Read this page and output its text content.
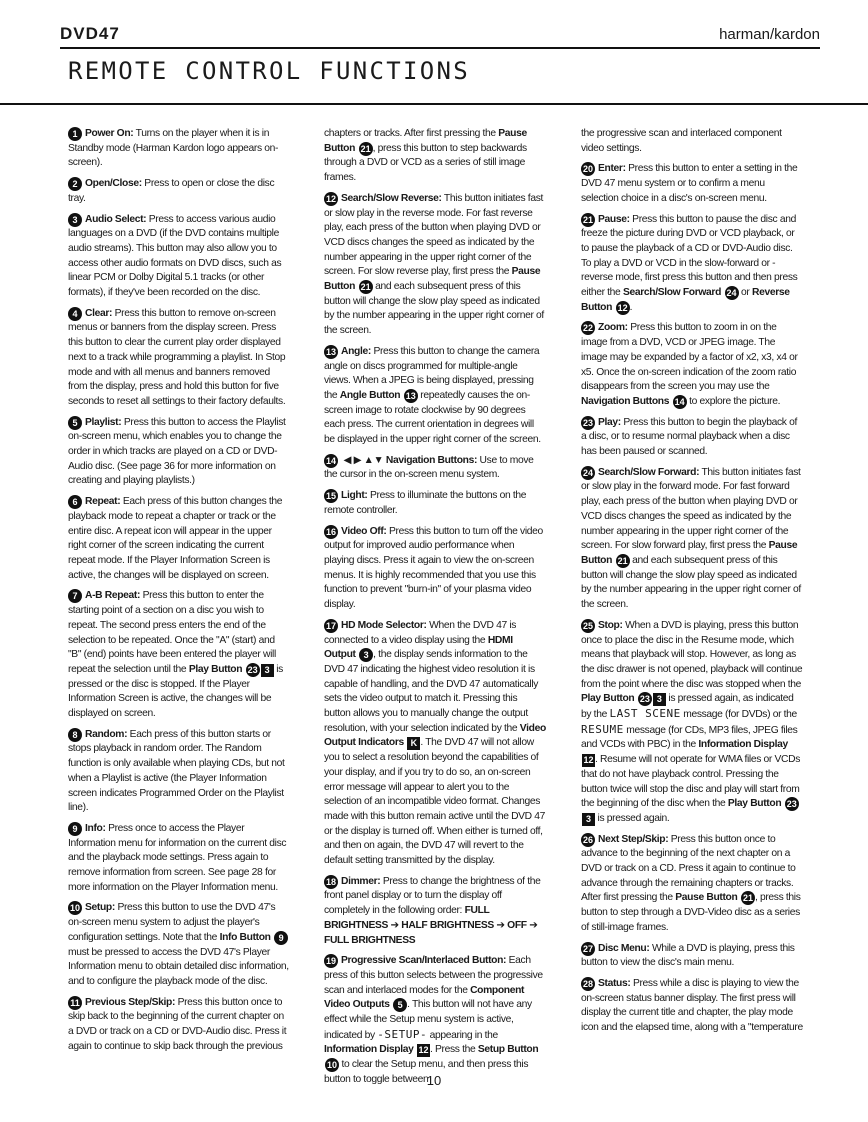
DVD47	harman/kardon
REMOTE CONTROL FUNCTIONS

1 Power On: Turns on the player when it is in Standby mode (Harman Kardon logo appears on-screen).

2 Open/Close: Press to open or close the disc tray.

3 Audio Select: Press to access various audio languages on a DVD (if the DVD contains multiple audio streams). This button may also allow you to access other audio formats on DVD discs, such as linear PCM or Dolby Digital 5.1 tracks (or other formats), if they've been recorded on the disc.

4 Clear: Press this button to remove on-screen menus or banners from the display screen. Press this button to clear the current play order displayed next to a track while programming a playlist. In Stop mode and with all menus and banners removed from the display, press and hold this button for five seconds to reset all settings to their factory defaults.

5 Playlist: Press this button to access the Playlist on-screen menu, which enables you to change the order in which tracks are played on a CD or DVD-Audio disc. (See page 36 for more information on creating and playing playlists.)

6 Repeat: Each press of this button changes the playback mode to repeat a chapter or track or the entire disc. A repeat icon will appear in the upper right corner of the screen indicating the current repeat mode. If the Player Information Screen is active, the changes will be displayed on screen.

7 A-B Repeat: Press this button to enter the starting point of a section on a disc you wish to repeat. The second press enters the end of the selection to be repeated. Once the "A" (start) and "B" (end) points have been entered the player will repeat the selection until the Play Button 23 3 is pressed or the disc is stopped. If the Player Information Screen is active, the changes will be displayed on screen.

8 Random: Each press of this button starts or stops playback in random order. The Random function is only available when playing CDs, but not when a Playlist is active (the Player Information screen indicates Programmed Order on the Playlist line).

9 Info: Press once to access the Player Information menu for information on the current disc and the playback mode settings. Press again to remove information from screen. See page 28 for more information on the Player Information menu.

10 Setup: Press this button to use the DVD 47's on-screen menu system to adjust the player's configuration settings. Note that the Info Button 9 must be pressed to access the DVD 47's Player Information menu to obtain detailed disc information, and to configure the playback mode of the disc.

11 Previous Step/Skip: Press this button once to skip back to the beginning of the current chapter on a DVD or track on a CD or DVD-Audio disc. Press it again to continue to skip back through the previous

chapters or tracks. After first pressing the Pause Button 21 , press this button to step backwards through a DVD or VCD as a series of still image frames.

12 Search/Slow Reverse: This button initiates fast or slow play in the reverse mode. For fast reverse play, each press of the button when playing DVD or VCD discs changes the speed as indicated by the number appearing in the upper right corner of the screen. For slow reverse play, first press the Pause Button 21 and each subsequent press of this button will change the slow play speed as indicated by the number appearing in the upper right corner of the screen.

13 Angle: Press this button to change the camera angle on discs programmed for multiple-angle views. When a JPEG is being displayed, pressing the Angle Button 13 repeatedly causes the on-screen image to rotate clockwise by 90 degrees each press. The current orientation in degrees will be displayed in the upper right corner of the screen.

14 ◀ ▶ ▲▼ Navigation Buttons: Use to move the cursor in the on-screen menu system.

15 Light: Press to illuminate the buttons on the remote controller.

16 Video Off: Press this button to turn off the video output for improved audio performance when playing discs. Press it again to view the on-screen menus. It is highly recommended that you use this function to prevent "burn-in" of your plasma video display.

17 HD Mode Selector: When the DVD 47 is connected to a video display using the HDMI Output 3 , the display sends information to the DVD 47 indicating the highest video resolution it is capable of handling, and the DVD 47 automatically sets the video output to match it. Pressing this button allows you to manually change the output resolution, with your selection indicated by the Video Output Indicators K . The DVD 47 will not allow you to select a resolution beyond the capabilities of your display, and if you try to do so, an on-screen error message will appear to alert you to the selection of an incompatible video format. Changes made with this button remain active until the DVD 47 or the display is turned off. When either is turned off, and then on again, the DVD 47 will revert to the default setting transmitted by the display.

18 Dimmer: Press to change the brightness of the front panel display or to turn the display off completely in the following order: FULL BRIGHTNESS ➔ HALF BRIGHTNESS ➔ OFF ➔ FULL BRIGHTNESS

19 Progressive Scan/Interlaced Button: Each press of this button selects between the progressive scan and interlaced modes for the Component Video Outputs 5 . This button will not have any effect while the Setup menu system is active, indicated by -SETUP- appearing in the Information Display 12 . Press the Setup Button 10 to clear the Setup menu, and then press this button to toggle between

the progressive scan and interlaced component video settings.

20 Enter: Press this button to enter a setting in the DVD 47 menu system or to confirm a menu selection choice in a disc's on-screen menu.

21 Pause: Press this button to pause the disc and freeze the picture during DVD or VCD playback, or to pause the playback of a CD or DVD-Audio disc. To play a DVD or VCD in the slow-forward or -reverse mode, first press this button and then press either the Search/Slow Forward 24 or Reverse Button 12 .

22 Zoom: Press this button to zoom in on the image from a DVD, VCD or JPEG image. The image may be expanded by a factor of x2, x3, x4 or x5. Once the on-screen indication of the zoom ratio disappears from the screen you may use the Navigation Buttons 14 to explore the picture.

23 Play: Press this button to begin the playback of a disc, or to resume normal playback when a disc has been paused or scanned.

24 Search/Slow Forward: This button initiates fast or slow play in the forward mode. For fast forward play, each press of the button when playing DVD or VCD discs changes the speed as indicated by the number appearing in the upper right corner of the screen. For slow forward play, first press the Pause Button 21 and each subsequent press of this button will change the slow play speed as indicated by the number appearing in the upper right corner of the screen.

25 Stop: When a DVD is playing, press this button once to place the disc in the Resume mode, which means that playback will stop. However, as long as the disc drawer is not opened, playback will continue from the point where the disc was stopped when the Play Button 23 3 is pressed again, as indicated by the LAST SCENE message (for DVDs) or the RESUME message (for CDs, MP3 files, JPEG files and VCDs with PBC) in the Information Display 12 . Resume will not operate for WMA files or VCDs that do not have playback control. Pressing the button twice will stop the disc and play will start from the beginning of the disc when the Play Button 233 is pressed again.

26 Next Step/Skip: Press this button once to advance to the beginning of the next chapter on a DVD or track on a CD. Press it again to continue to advance through the remaining chapters or tracks. After first pressing the Pause Button 21 , press this button to step through a DVD-Video disc as a series of still-image frames.

27 Disc Menu: While a DVD is playing, press this button to view the disc's main menu.

28 Status: Press while a disc is playing to view the on-screen status banner display. The first press will display the current title and chapter, the play mode icon and the elapsed time, along with a "temperature

10
